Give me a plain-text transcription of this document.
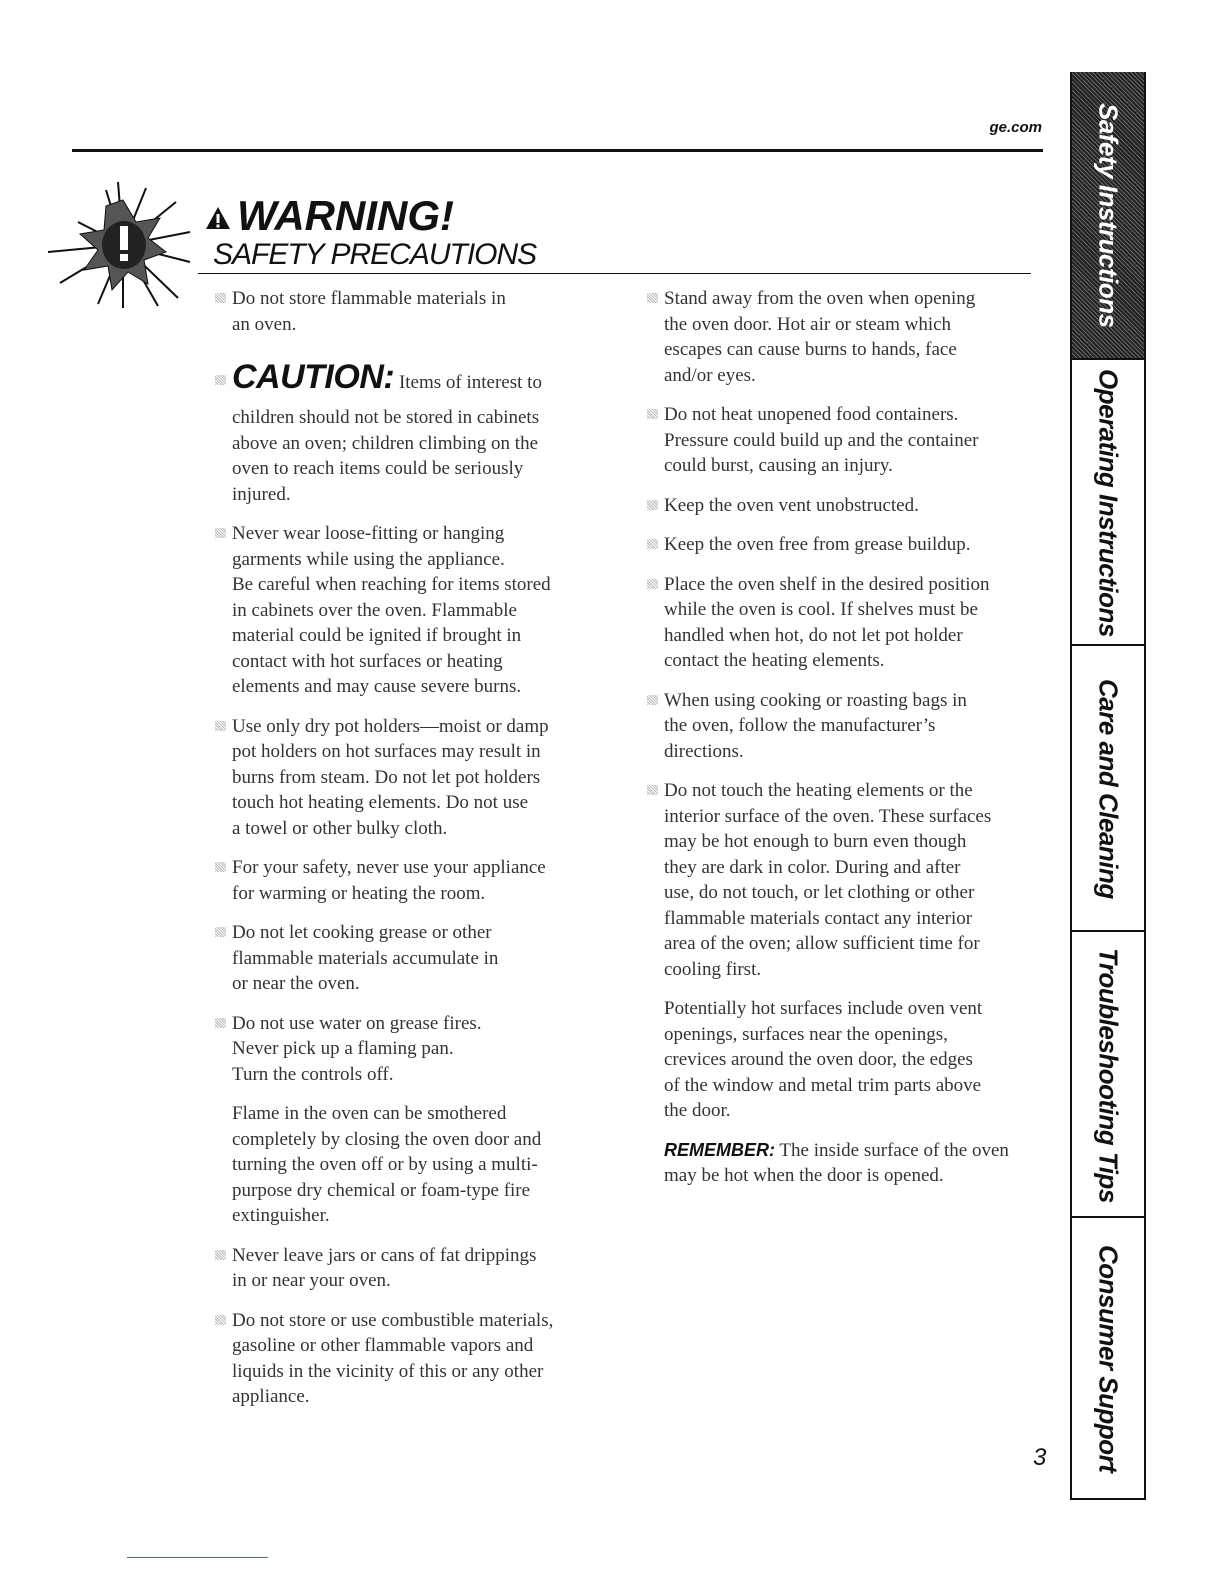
ge.com
WARNING!
SAFETY PRECAUTIONS
Do not store flammable materials in
an oven.
CAUTION: Items of interest to
children should not be stored in cabinets
above an oven; children climbing on the
oven to reach items could be seriously
injured.
Never wear loose-fitting or hanging
garments while using the appliance.
Be careful when reaching for items stored
in cabinets over the oven. Flammable
material could be ignited if brought in
contact with hot surfaces or heating
elements and may cause severe burns.
Use only dry pot holders—moist or damp
pot holders on hot surfaces may result in
burns from steam. Do not let pot holders
touch hot heating elements. Do not use
a towel or other bulky cloth.
For your safety, never use your appliance
for warming or heating the room.
Do not let cooking grease or other
flammable materials accumulate in
or near the oven.
Do not use water on grease fires.
Never pick up a flaming pan.
Turn the controls off.
Flame in the oven can be smothered
completely by closing the oven door and
turning the oven off or by using a multi-
purpose dry chemical or foam-type fire
extinguisher.
Never leave jars or cans of fat drippings
in or near your oven.
Do not store or use combustible materials,
gasoline or other flammable vapors and
liquids in the vicinity of this or any other
appliance.
Stand away from the oven when opening
the oven door. Hot air or steam which
escapes can cause burns to hands, face
and/or eyes.
Do not heat unopened food containers.
Pressure could build up and the container
could burst, causing an injury.
Keep the oven vent unobstructed.
Keep the oven free from grease buildup.
Place the oven shelf in the desired position
while the oven is cool. If shelves must be
handled when hot, do not let pot holder
contact the heating elements.
When using cooking or roasting bags in
the oven, follow the manufacturer’s
directions.
Do not touch the heating elements or the
interior surface of the oven. These surfaces
may be hot enough to burn even though
they are dark in color. During and after
use, do not touch, or let clothing or other
flammable materials contact any interior
area of the oven; allow sufficient time for
cooling first.
Potentially hot surfaces include oven vent
openings, surfaces near the openings,
crevices around the oven door, the edges
of the window and metal trim parts above
the door.
REMEMBER: The inside surface of the oven
may be hot when the door is opened.
Safety Instructions
Operating Instructions
Care and Cleaning
Troubleshooting Tips
Consumer Support
3
